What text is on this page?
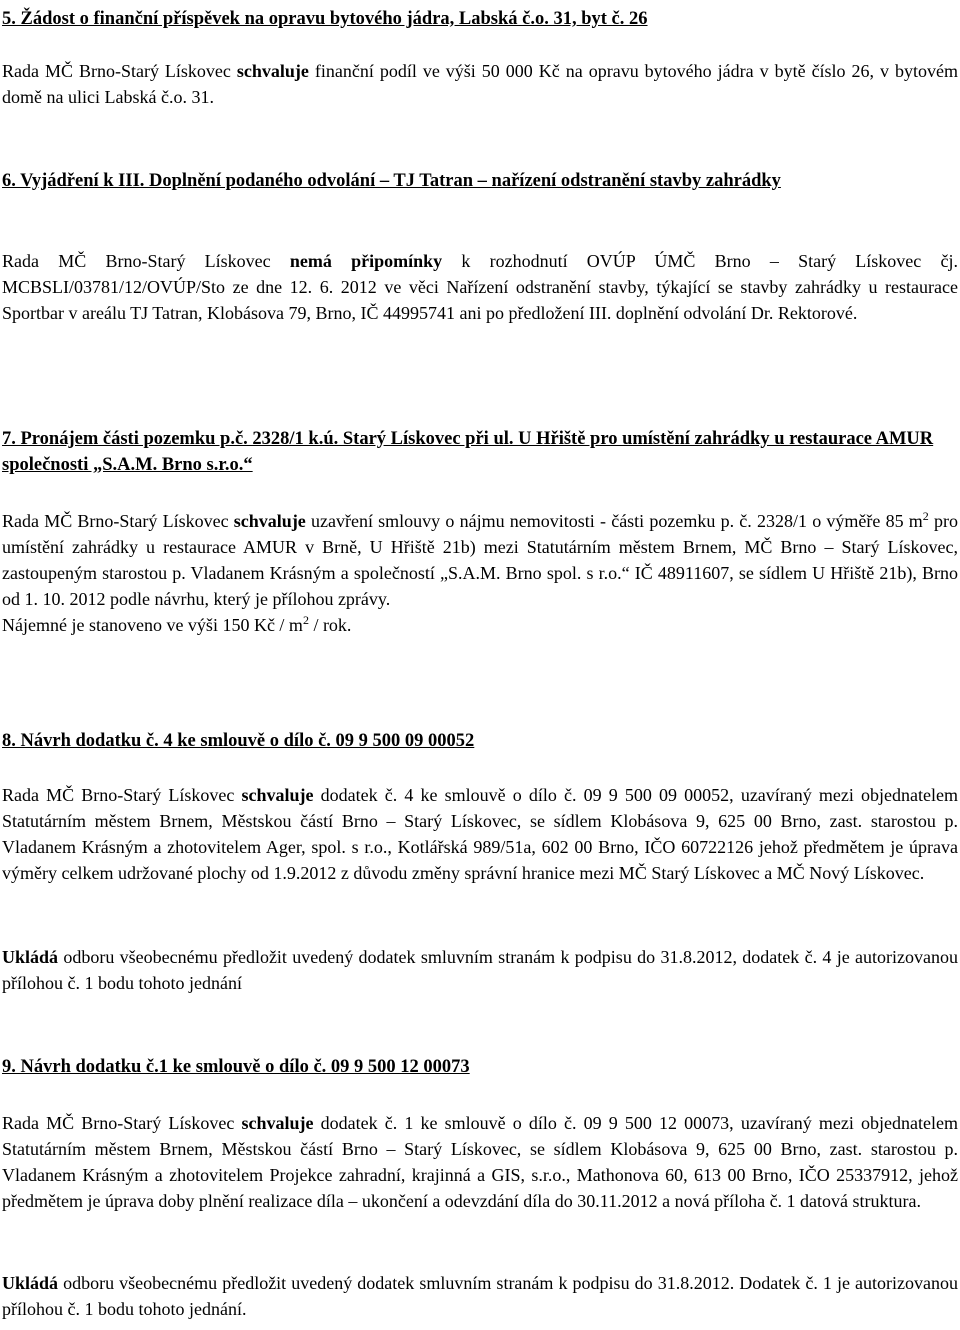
5. Žádost o finanční příspěvek na opravu bytového jádra, Labská č.o. 31, byt č. 26
Rada MČ Brno-Starý Lískovec schvaluje finanční podíl ve výši 50 000 Kč na opravu bytového jádra v bytě číslo 26, v bytovém domě na ulici Labská č.o. 31.
6. Vyjádření k III. Doplnění podaného odvolání – TJ Tatran – nařízení odstranění stavby zahrádky
Rada MČ Brno-Starý Lískovec nemá připomínky k rozhodnutí OVÚP ÚMČ Brno – Starý Lískovec čj. MCBSLI/03781/12/OVÚP/Sto ze dne 12. 6. 2012 ve věci Nařízení odstranění stavby, týkající se stavby zahrádky u restaurace Sportbar v areálu TJ Tatran, Klobásova 79, Brno, IČ 44995741 ani po předložení III. doplnění odvolání Dr. Rektorové.
7. Pronájem části pozemku p.č. 2328/1 k.ú. Starý Lískovec při ul. U Hřiště pro umístění zahrádky u restaurace AMUR společnosti „S.A.M. Brno s.r.o.“
Rada MČ Brno-Starý Lískovec schvaluje uzavření smlouvy o nájmu nemovitosti - části pozemku p. č. 2328/1 o výměře 85 $m^2$ pro umístění zahrádky u restaurace AMUR v Brně, U Hřiště 21b) mezi Statutárním městem Brnem, MČ Brno – Starý Lískovec, zastoupeným starostou p. Vladanem Krásným a společností „S.A.M. Brno spol. s r.o.“ IČ 48911607, se sídlem U Hřiště 21b), Brno od 1. 10. 2012 podle návrhu, který je přílohou zprávy.
Nájemné je stanoveno ve výši 150 Kč / $m^2$ / rok.
8. Návrh dodatku č. 4 ke smlouvě o dílo č. 09 9 500 09 00052
Rada MČ Brno-Starý Lískovec schvaluje dodatek č. 4 ke smlouvě o dílo č. 09 9 500 09 00052, uzavíraný mezi objednatelem Statutárním městem Brnem, Městskou částí Brno – Starý Lískovec, se sídlem Klobásova 9, 625 00 Brno, zast. starostou p. Vladanem Krásným a zhotovitelem Ager, spol. s r.o., Kotlářská 989/51a, 602 00 Brno, IČO 60722126 jehož předmětem je úprava výměry celkem udržované plochy od 1.9.2012 z důvodu změny správní hranice mezi MČ Starý Lískovec a MČ Nový Lískovec.
Ukládá odboru všeobecnému předložit uvedený dodatek smluvním stranám k podpisu do 31.8.2012, dodatek č. 4 je autorizovanou přílohou č. 1 bodu tohoto jednání
9. Návrh dodatku č.1 ke smlouvě o dílo č. 09 9 500 12 00073
Rada MČ Brno-Starý Lískovec schvaluje dodatek č. 1 ke smlouvě o dílo č. 09 9 500 12 00073, uzavíraný mezi objednatelem Statutárním městem Brnem, Městskou částí Brno – Starý Lískovec, se sídlem Klobásova 9, 625 00 Brno, zast. starostou p. Vladanem Krásným a zhotovitelem Projekce zahradní, krajinná a GIS, s.r.o., Mathonova 60, 613 00 Brno, IČO 25337912, jehož předmětem je úprava doby plnění realizace díla – ukončení a odevzdání díla do 30.11.2012 a nová příloha č. 1 datová struktura.
Ukládá odboru všeobecnému předložit uvedený dodatek smluvním stranám k podpisu do 31.8.2012. Dodatek č. 1 je autorizovanou přílohou č. 1 bodu tohoto jednání.
